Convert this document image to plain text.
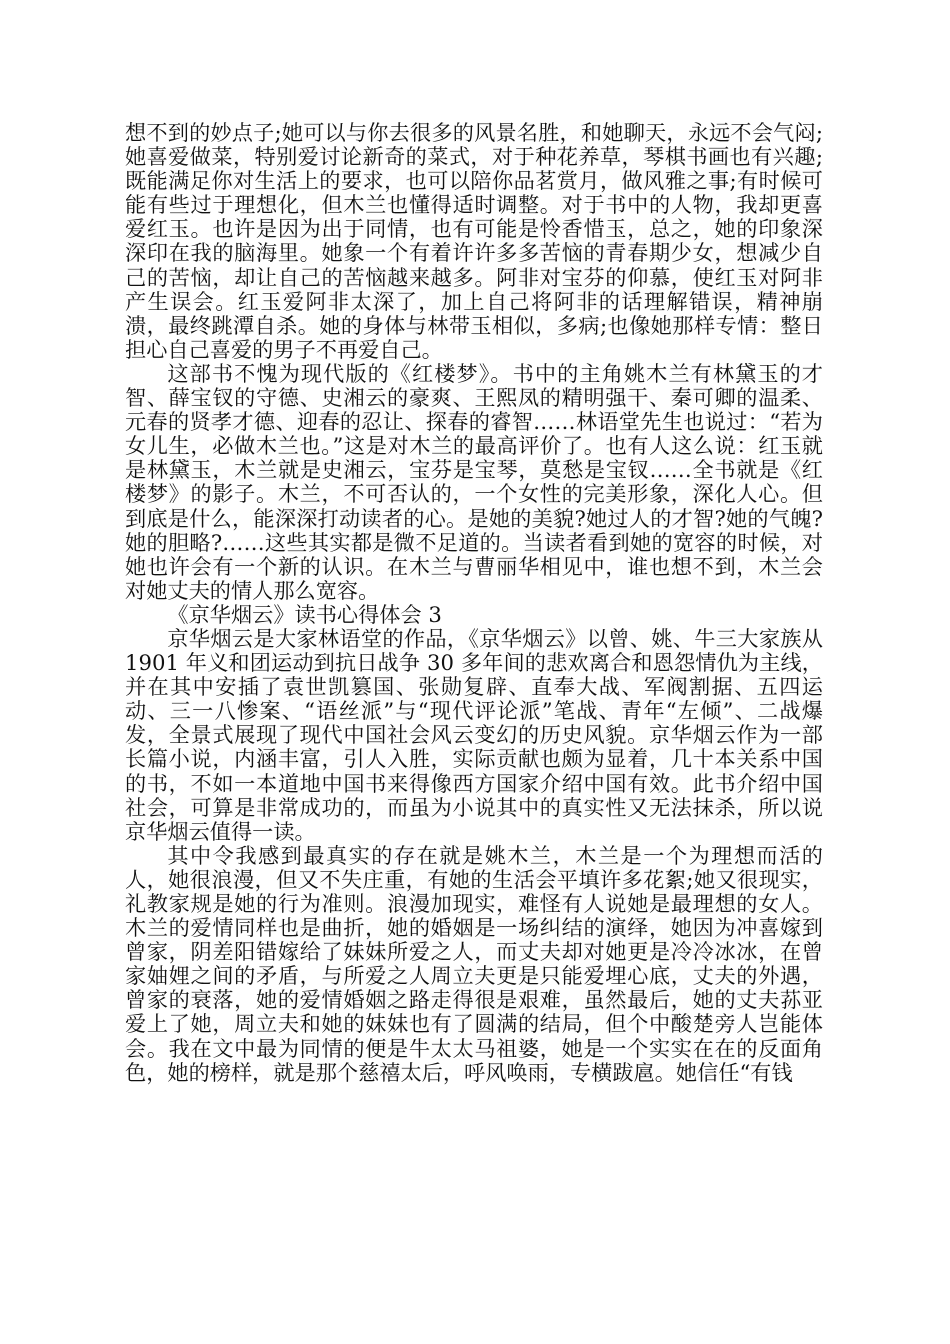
想不到的妙点子;她可以与你去很多的风景名胜，和她聊天，永远不会气闷;她喜爱做菜，特别爱讨论新奇的菜式，对于种花养草，琴棋书画也有兴趣;既能满足你对生活上的要求，也可以陪你品茗赏月，做风雅之事;有时候可能有些过于理想化，但木兰也懂得适时调整。对于书中的人物，我却更喜爱红玉。也许是因为出于同情，也有可能是怜香惜玉，总之，她的印象深深印在我的脑海里。她象一个有着许许多多苦恼的青春期少女，想减少自己的苦恼，却让自己的苦恼越来越多。阿非对宝芬的仰慕，使红玉对阿非产生误会。红玉爱阿非太深了，加上自己将阿非的话理解错误，精神崩溃，最终跳潭自杀。她的身体与林带玉相似，多病;也像她那样专情：整日担心自己喜爱的男子不再爱自己。

这部书不愧为现代版的《红楼梦》。书中的主角姚木兰有林黛玉的才智、薛宝钗的守德、史湘云的豪爽、王熙凤的精明强干、秦可卿的温柔、元春的贤孝才德、迎春的忍让、探春的睿智……林语堂先生也说过：“若为女儿生，必做木兰也。”这是对木兰的最高评价了。也有人这么说：红玉就是林黛玉，木兰就是史湘云，宝芬是宝琴，莫愁是宝钗……全书就是《红楼梦》的影子。木兰，不可否认的，一个女性的完美形象，深化人心。但到底是什么，能深深打动读者的心。是她的美貌?她过人的才智?她的气魄?她的胆略?……这些其实都是微不足道的。当读者看到她的宽容的时候，对她也许会有一个新的认识。在木兰与曹丽华相见中，谁也想不到，木兰会对她丈夫的情人那么宽容。

《京华烟云》读书心得体会 3

京华烟云是大家林语堂的作品，《京华烟云》以曾、姚、牛三大家族从 1901 年义和团运动到抗日战争 30 多年间的悲欢离合和恩怨情仇为主线，并在其中安插了袁世凯篡国、张勋复辟、直奉大战、军阀割据、五四运动、三一八惨案、“语丝派”与“现代评论派”笔战、青年“左倾”、二战爆发，全景式展现了现代中国社会风云变幻的历史风貌。京华烟云作为一部长篇小说，内涵丰富，引人入胜，实际贡献也颇为显着，几十本关系中国的书，不如一本道地中国书来得像西方国家介绍中国有效。此书介绍中国社会，可算是非常成功的，而虽为小说其中的真实性又无法抹杀，所以说京华烟云值得一读。

其中令我感到最真实的存在就是姚木兰，木兰是一个为理想而活的人，她很浪漫，但又不失庄重，有她的生活会平填许多花絮;她又很现实，礼教家规是她的行为准则。浪漫加现实，难怪有人说她是最理想的女人。木兰的爱情同样也是曲折，她的婚姻是一场纠结的演绎，她因为冲喜嫁到曾家，阴差阳错嫁给了妹妹所爱之人，而丈夫却对她更是冷冷冰冰，在曾家妯娌之间的矛盾，与所爱之人周立夫更是只能爱埋心底，丈夫的外遇，曾家的衰落，她的爱情婚姻之路走得很是艰难，虽然最后，她的丈夫荪亚爱上了她，周立夫和她的妹妹也有了圆满的结局，但个中酸楚旁人岂能体会。我在文中最为同情的便是牛太太马祖婆，她是一个实实在在的反面角色，她的榜样，就是那个慈禧太后，呼风唤雨，专横跋扈。她信任“有钱
